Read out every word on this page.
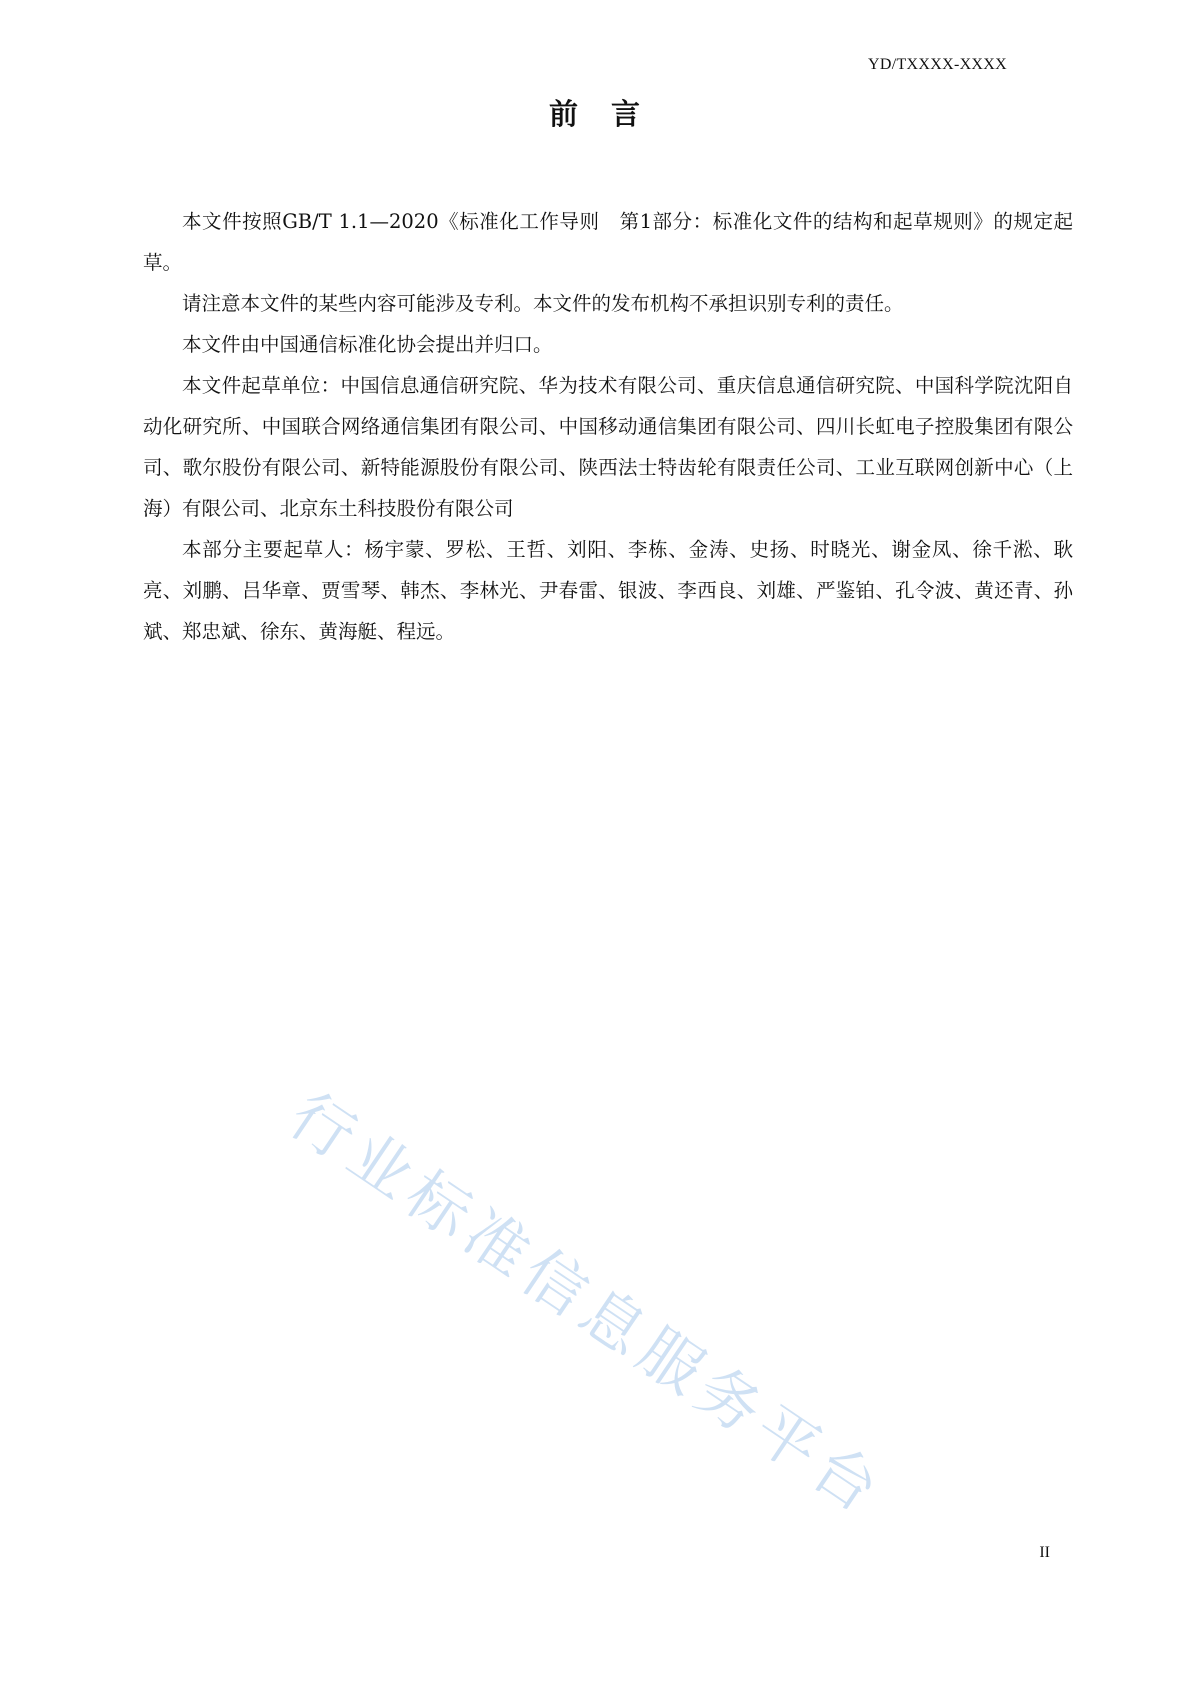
YD/TXXXX-XXXX
前 言

本文件按照GB/T 1.1—2020《标准化工作导则　第1部分：标准化文件的结构和起草规则》的规定起草。

请注意本文件的某些内容可能涉及专利。本文件的发布机构不承担识别专利的责任。

本文件由中国通信标准化协会提出并归口。

本文件起草单位：中国信息通信研究院、华为技术有限公司、重庆信息通信研究院、中国科学院沈阳自动化研究所、中国联合网络通信集团有限公司、中国移动通信集团有限公司、四川长虹电子控股集团有限公司、歌尔股份有限公司、新特能源股份有限公司、陕西法士特齿轮有限责任公司、工业互联网创新中心（上海）有限公司、北京东土科技股份有限公司

本部分主要起草人：杨宇蒙、罗松、王哲、刘阳、李栋、金涛、史扬、时晓光、谢金凤、徐千淞、耿亮、刘鹏、吕华章、贾雪琴、韩杰、李林光、尹春雷、银波、李西良、刘雄、严鉴铂、孔令波、黄还青、孙斌、郑忠斌、徐东、黄海艇、程远。

行业标准信息服务平台
II
